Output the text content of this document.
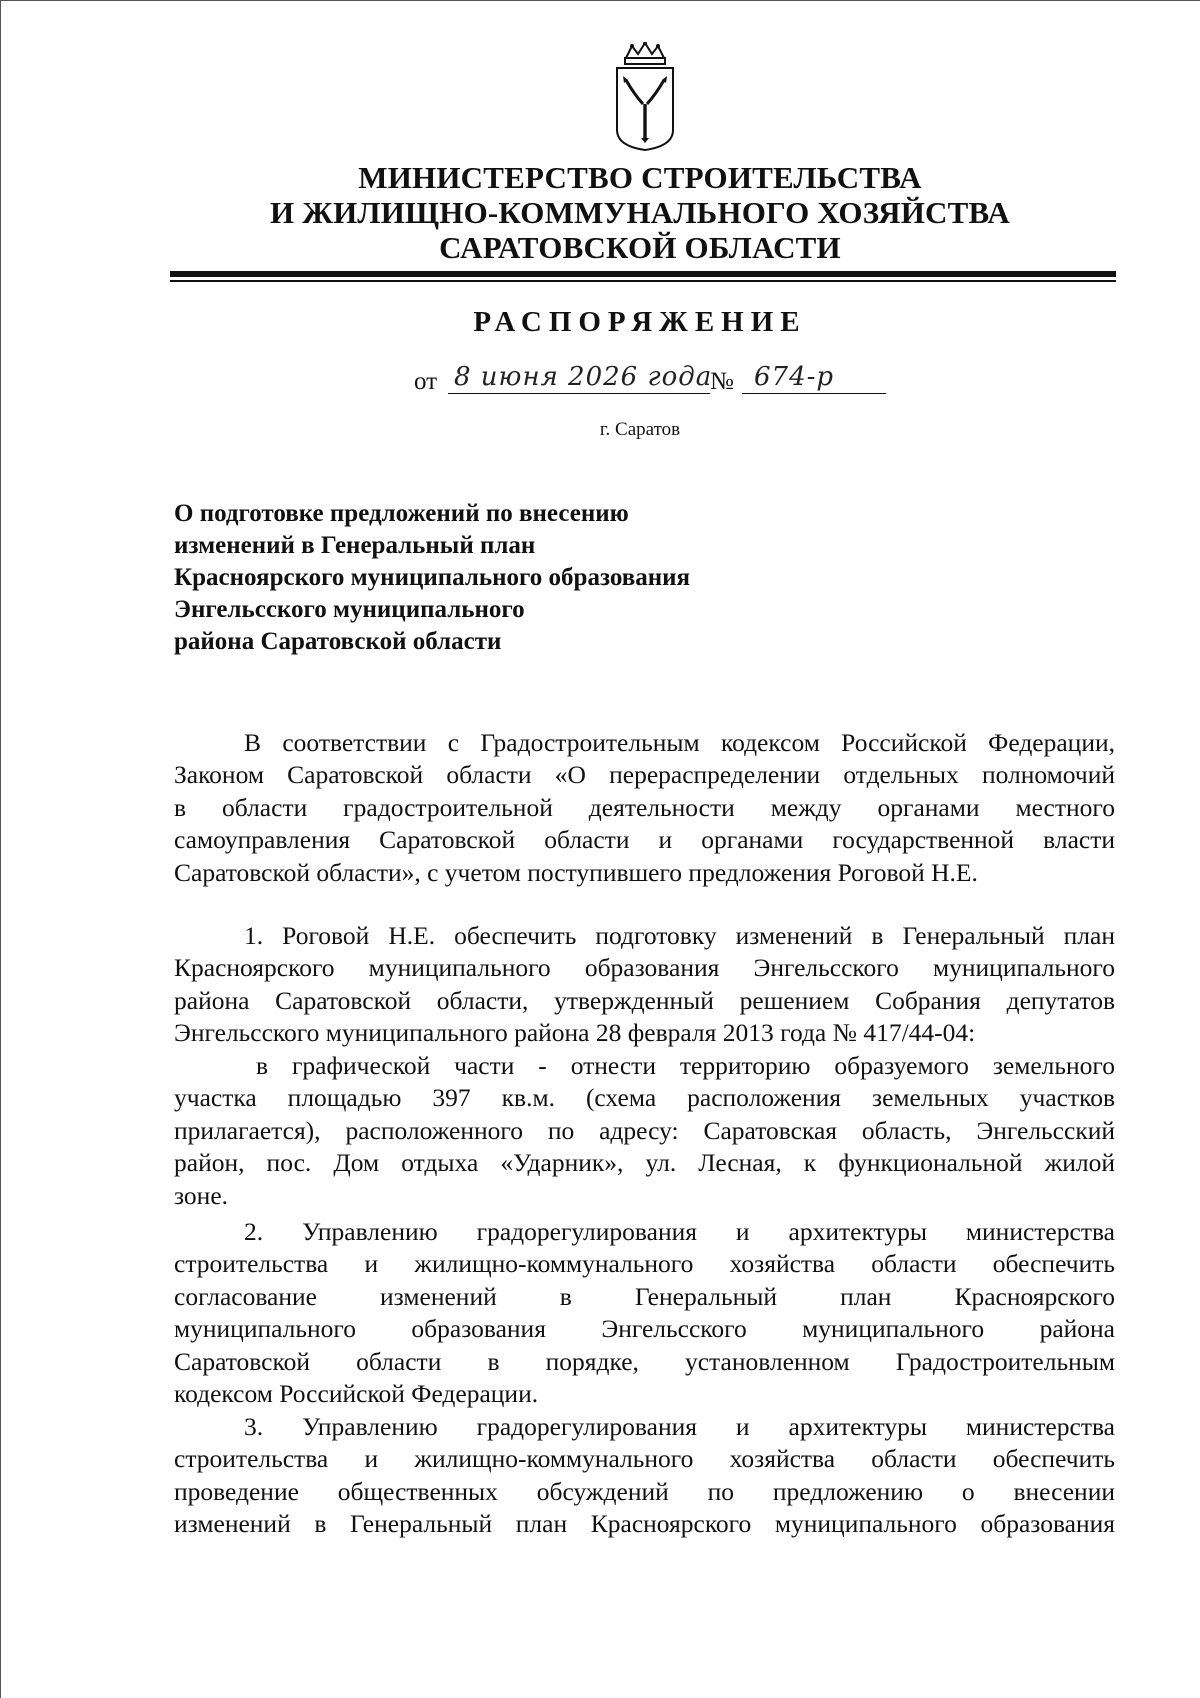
МИНИСТЕРСТВО СТРОИТЕЛЬСТВА
И ЖИЛИЩНО-КОММУНАЛЬНОГО ХОЗЯЙСТВА
САРАТОВСКОЙ ОБЛАСТИ
РАСПОРЯЖЕНИЕ
от 8 июня 2026 года
№ 674-р
г. Саратов
О подготовке предложений по внесению
изменений в Генеральный план
Красноярского муниципального образования
Энгельсского муниципального
района Саратовской области
В соответствии с Градостроительным кодексом Российской Федерации,
Законом Саратовской области «О перераспределении отдельных полномочий
в области градостроительной деятельности между органами местного
самоуправления Саратовской области и органами государственной власти
Саратовской области», с учетом поступившего предложения Роговой Н.Е.
1. Роговой Н.Е. обеспечить подготовку изменений в Генеральный план
Красноярского муниципального образования Энгельсского муниципального
района Саратовской области, утвержденный решением Собрания депутатов
Энгельсского муниципального района 28 февраля 2013 года № 417/44-04:
в графической части - отнести территорию образуемого земельного
участка площадью 397 кв.м. (схема расположения земельных участков
прилагается), расположенного по адресу: Саратовская область, Энгельсский
район, пос. Дом отдыха «Ударник», ул. Лесная, к функциональной жилой
зоне.
2. Управлению градорегулирования и архитектуры министерства
строительства и жилищно-коммунального хозяйства области обеспечить
согласование изменений в Генеральный план Красноярского
муниципального образования Энгельсского муниципального района
Саратовской области в порядке, установленном Градостроительным
кодексом Российской Федерации.
3. Управлению градорегулирования и архитектуры министерства
строительства и жилищно-коммунального хозяйства области обеспечить
проведение общественных обсуждений по предложению о внесении
изменений в Генеральный план Красноярского муниципального образования
